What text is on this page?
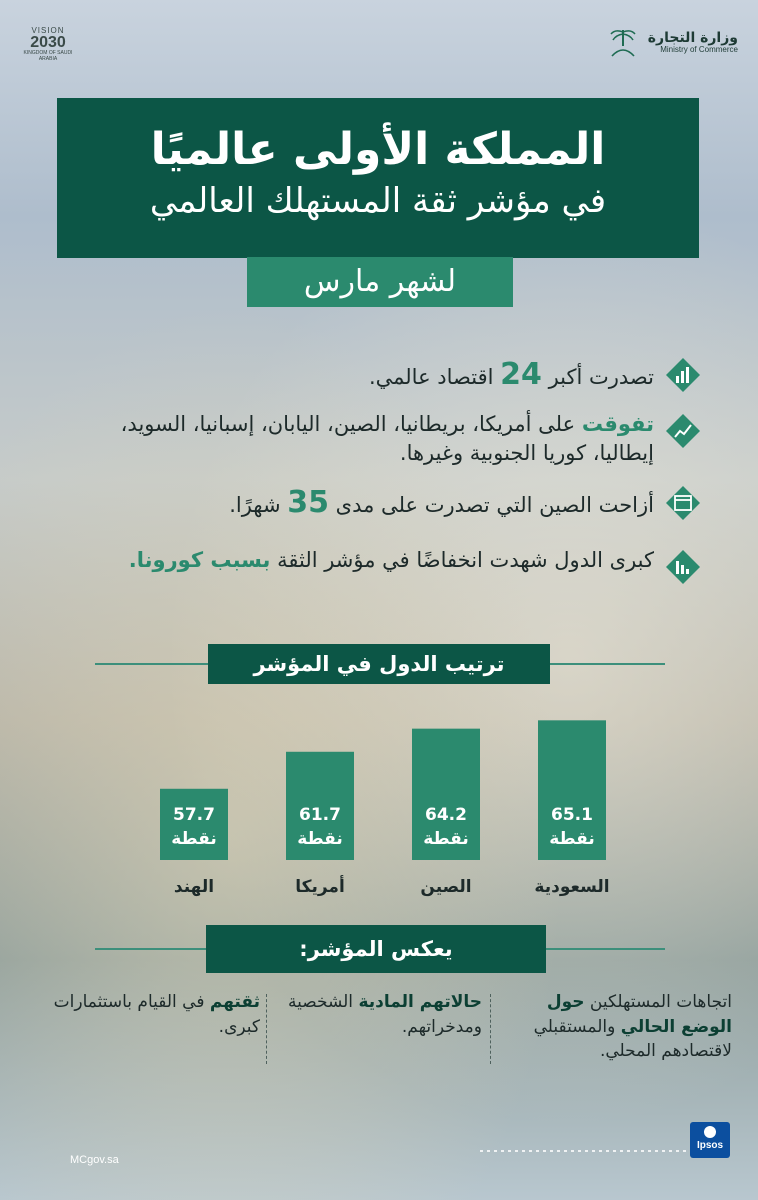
وزارة التجارة
Ministry of Commerce
VISION
2030
KINGDOM OF SAUDI ARABIA
المملكة الأولى عالميًا
في مؤشر ثقة المستهلك العالمي
لشهر مارس
تصدرت أكبر 24 اقتصاد عالمي.
تفوقت على أمريكا، بريطانيا، الصين، اليابان، إسبانيا، السويد، إيطاليا، كوريا الجنوبية وغيرها.
أزاحت الصين التي تصدرت على مدى 35 شهرًا.
كبرى الدول شهدت انخفاضًا في مؤشر الثقة بسبب كورونا.
ترتيب الدول في المؤشر
65.1
نقطة
السعودية
64.2
نقطة
الصين
61.7
نقطة
أمريكا
57.7
نقطة
الهند
يعكس المؤشر:
اتجاهات المستهلكين حول الوضع الحالي والمستقبلي لاقتصادهم المحلي.
حالاتهم المادية الشخصية ومدخراتهم.
ثقتهم في القيام باستثمارات كبرى.
Ipsos
MCgov.sa
